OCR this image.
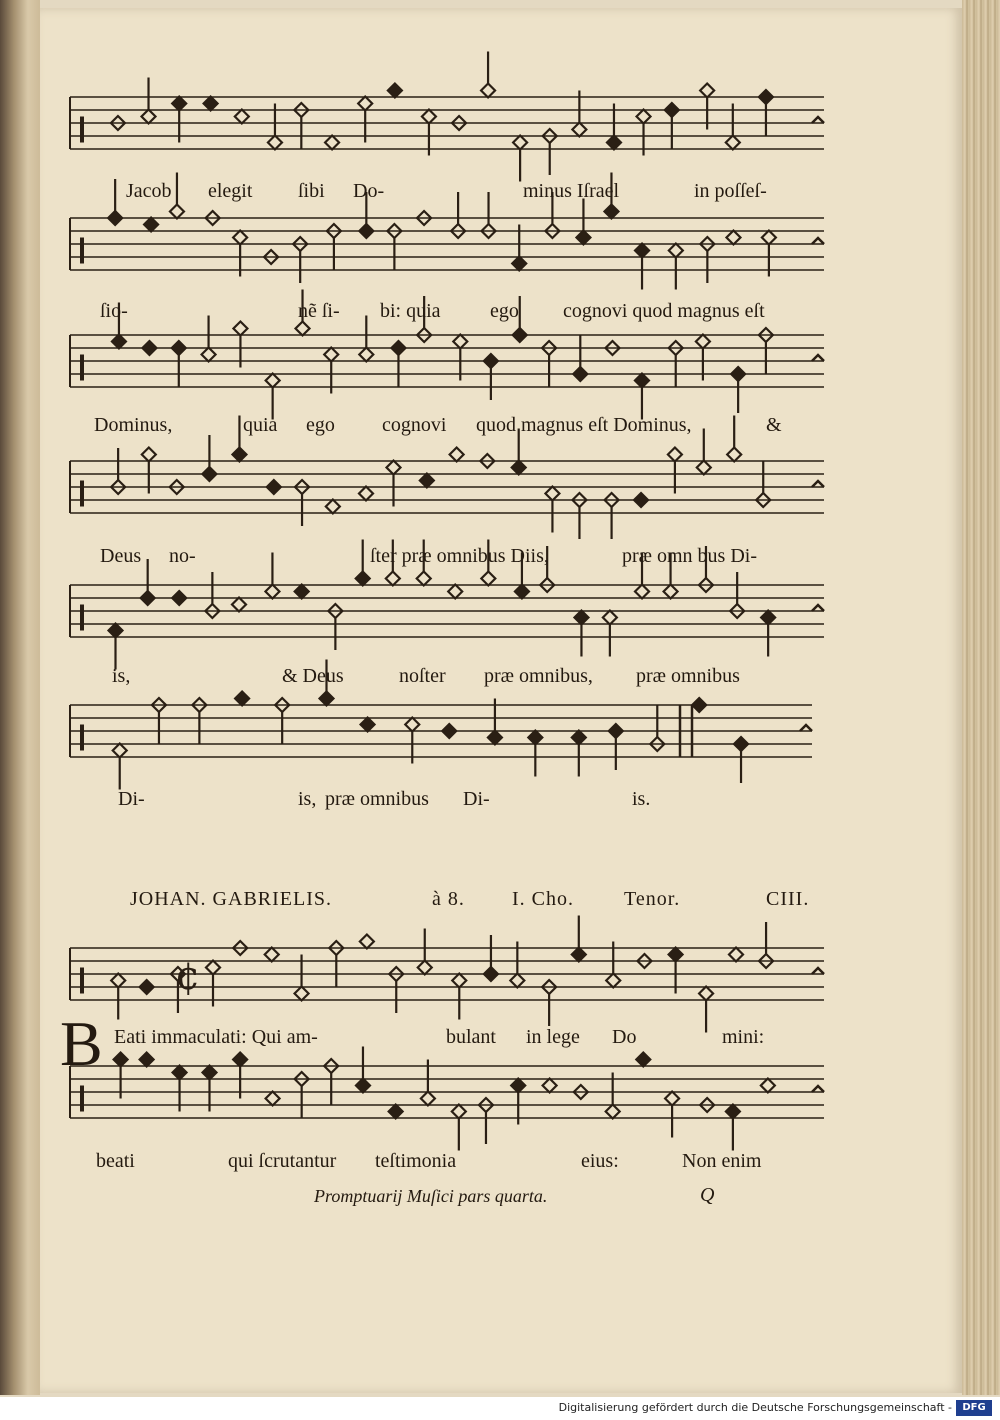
¢
Jacob elegit ſibi Do-	minus Iſrael	in poſſeſ-
ſio-	nẽ ſi- bi: quia ego cognovi quod magnus eſt
Dominus,	quia ego cognovi quod magnus eſt Dominus,	&
Deus no-	ſter præ omnibus Diis,	præ omn bus Di-
is,	& Deus	noſter præ omnibus, præ omnibus
Di-	is, præ omnibus Di-	is.
JOHAN. GABRIELIS.	à 8. I. Cho.	Tenor.	CIII.
B Eati immaculati: Qui am-	bulant in lege Do	mini:
beati	qui ſcrutantur teſtimonia	eius:	Non enim
Promptuarij Muſici pars quarta.	Q
Digitalisierung gefördert durch die Deutsche Forschungsgemeinschaft -	DFG
